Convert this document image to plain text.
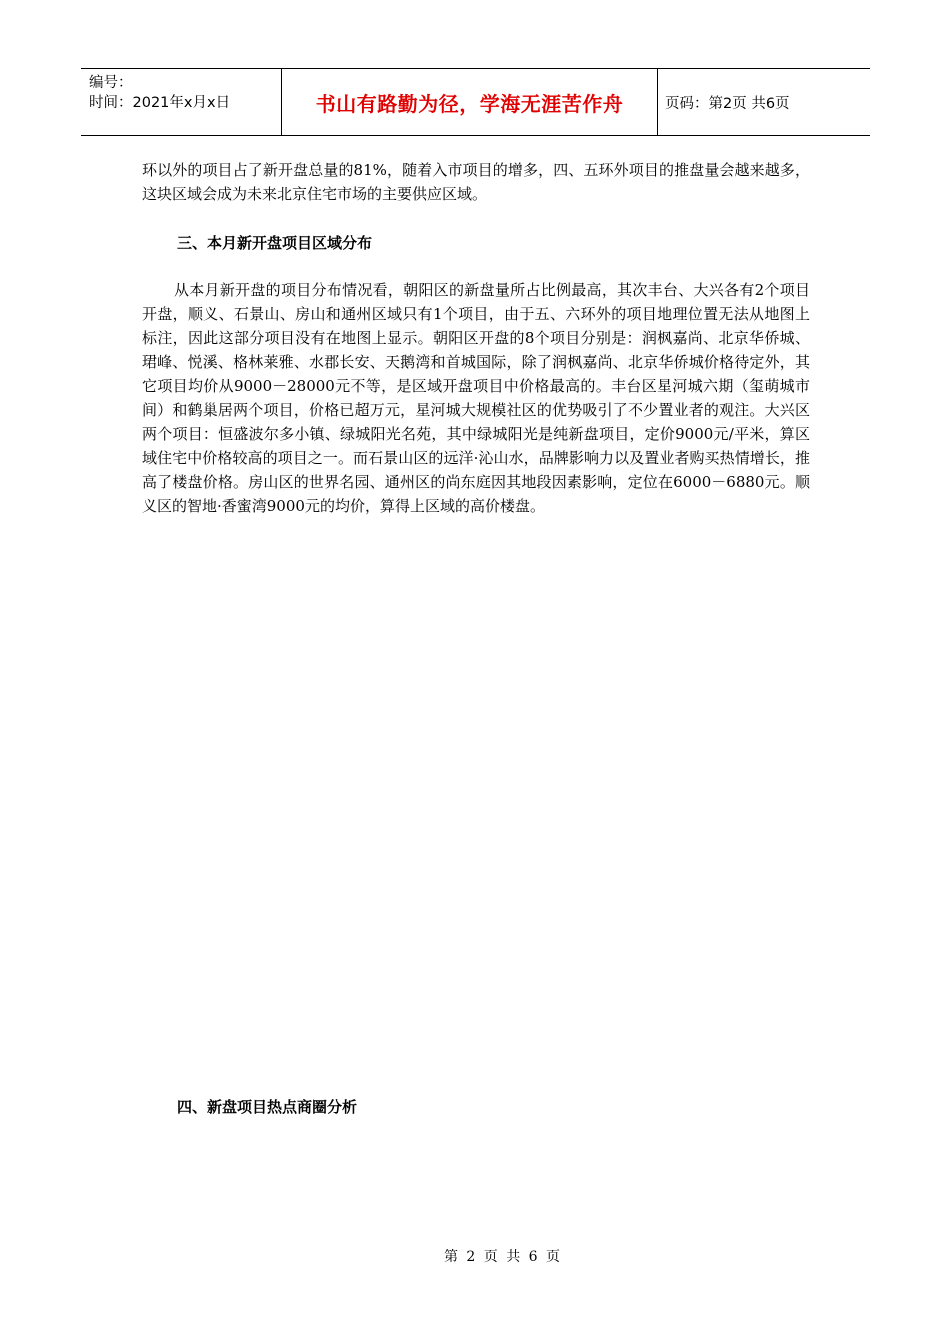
编号：
时间：2021年x月x日	书山有路勤为径，学海无涯苦作舟	页码：第2页 共6页

环以外的项目占了新开盘总量的81%，随着入市项目的增多，四、五环外项目的推盘量会越来越多，这块区域会成为未来北京住宅市场的主要供应区域。

三、本月新开盘项目区域分布

从本月新开盘的项目分布情况看，朝阳区的新盘量所占比例最高，其次丰台、大兴各有2个项目开盘，顺义、石景山、房山和通州区域只有1个项目，由于五、六环外的项目地理位置无法从地图上标注，因此这部分项目没有在地图上显示。朝阳区开盘的8个项目分别是：润枫嘉尚、北京华侨城、珺峰、悦溪、格林莱雅、水郡长安、天鹅湾和首城国际，除了润枫嘉尚、北京华侨城价格待定外，其它项目均价从9000－28000元不等，是区域开盘项目中价格最高的。丰台区星河城六期（玺萌城市间）和鹤巢居两个项目，价格已超万元，星河城大规模社区的优势吸引了不少置业者的观注。大兴区两个项目：恒盛波尔多小镇、绿城阳光名苑，其中绿城阳光是纯新盘项目，定价9000元/平米，算区域住宅中价格较高的项目之一。而石景山区的远洋·沁山水，品牌影响力以及置业者购买热情增长，推高了楼盘价格。房山区的世界名园、通州区的尚东庭因其地段因素影响，定位在6000－6880元。顺义区的智地·香蜜湾9000元的均价，算得上区域的高价楼盘。

四、新盘项目热点商圈分析
第 2 页 共 6 页
